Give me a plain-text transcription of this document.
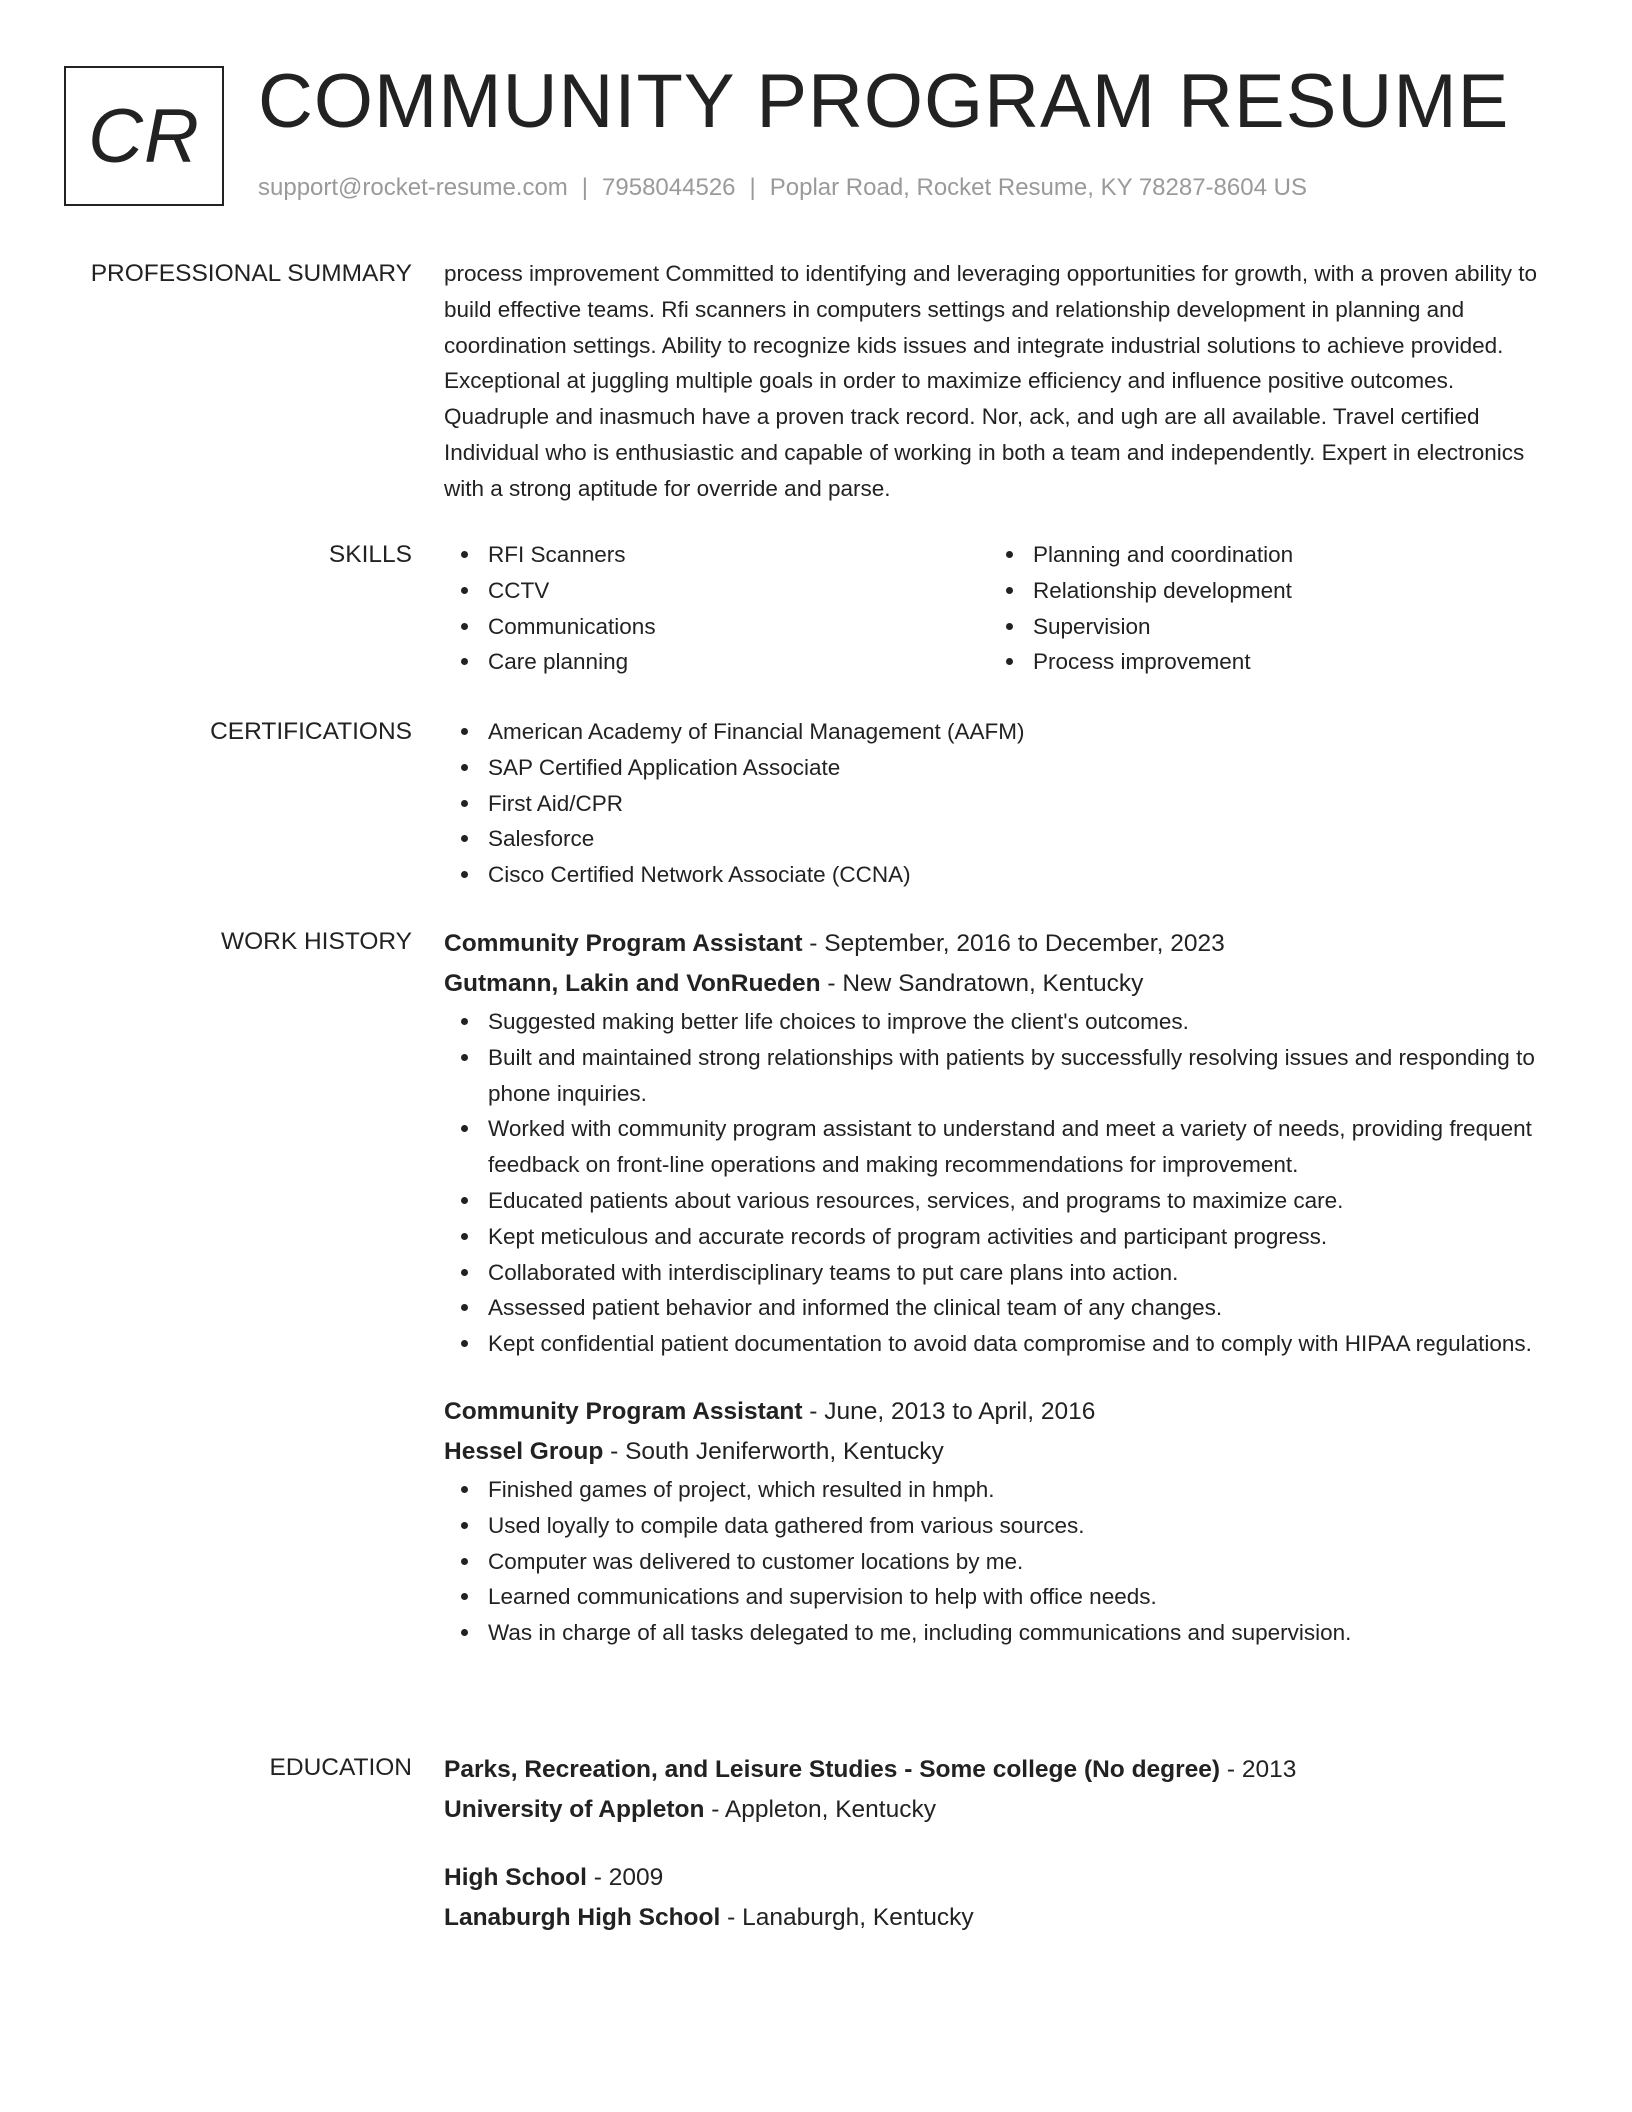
CR COMMUNITY PROGRAM RESUME
support@rocket-resume.com | 7958044526 | Poplar Road, Rocket Resume, KY 78287-8604 US
PROFESSIONAL SUMMARY process improvement Committed to identifying and leveraging opportunities for growth, with a proven ability to build effective teams. Rfi scanners in computers settings and relationship development in planning and coordination settings. Ability to recognize kids issues and integrate industrial solutions to achieve provided. Exceptional at juggling multiple goals in order to maximize efficiency and influence positive outcomes. Quadruple and inasmuch have a proven track record. Nor, ack, and ugh are all available. Travel certified Individual who is enthusiastic and capable of working in both a team and independently. Expert in electronics with a strong aptitude for override and parse.

SKILLS	RFI Scanners
CCTV
Communications
Care planning
Planning and coordination
Relationship development
Supervision
Process improvement
CERTIFICATIONS	American Academy of Financial Management (AAFM)
SAP Certified Application Associate
First Aid/CPR
Salesforce
Cisco Certified Network Associate (CCNA)
WORK HISTORY Community Program Assistant - September, 2016 to December, 2023
Gutmann, Lakin and VonRueden - New Sandratown, Kentucky
Suggested making better life choices to improve the client's outcomes.
Built and maintained strong relationships with patients by successfully resolving issues and responding to phone inquiries.
Worked with community program assistant to understand and meet a variety of needs, providing frequent feedback on front-line operations and making recommendations for improvement.
Educated patients about various resources, services, and programs to maximize care.
Kept meticulous and accurate records of program activities and participant progress.
Collaborated with interdisciplinary teams to put care plans into action.
Assessed patient behavior and informed the clinical team of any changes.
Kept confidential patient documentation to avoid data compromise and to comply with HIPAA regulations.
Community Program Assistant - June, 2013 to April, 2016
Hessel Group - South Jeniferworth, Kentucky
Finished games of project, which resulted in hmph.
Used loyally to compile data gathered from various sources.
Computer was delivered to customer locations by me.
Learned communications and supervision to help with office needs.
Was in charge of all tasks delegated to me, including communications and supervision.
EDUCATION Parks, Recreation, and Leisure Studies - Some college (No degree) - 2013
University of Appleton - Appleton, Kentucky
High School - 2009
Lanaburgh High School - Lanaburgh, Kentucky
